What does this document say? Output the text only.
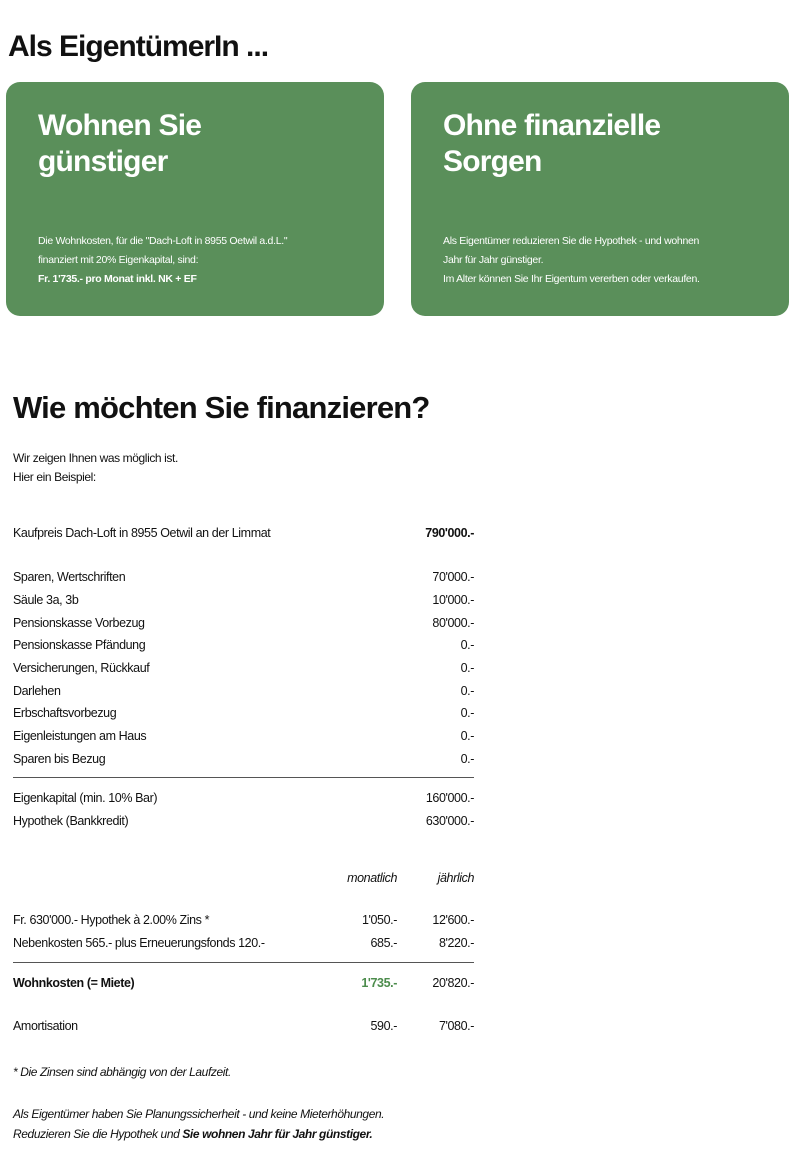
Als EigentümerIn ...
Wohnen Sie
günstiger
Die Wohnkosten, für die "Dach-Loft in 8955 Oetwil a.d.L."
finanziert mit 20% Eigenkapital, sind:
Fr. 1'735.- pro Monat inkl. NK + EF
Ohne finanzielle
Sorgen
Als Eigentümer reduzieren Sie die Hypothek - und wohnen
Jahr für Jahr günstiger.
Im Alter können Sie Ihr Eigentum vererben oder verkaufen.
Wie möchten Sie finanzieren?
Wir zeigen Ihnen was möglich ist.
Hier ein Beispiel:
Kaufpreis Dach-Loft in 8955 Oetwil an der Limmat	790'000.-
Sparen, Wertschriften	70'000.-
Säule 3a, 3b	10'000.-
Pensionskasse Vorbezug	80'000.-
Pensionskasse Pfändung	0.-
Versicherungen, Rückkauf	0.-
Darlehen	0.-
Erbschaftsvorbezug	0.-
Eigenleistungen am Haus	0.-
Sparen bis Bezug	0.-
Eigenkapital (min. 10% Bar)	160'000.-
Hypothek (Bankkredit)	630'000.-
monatlich	jährlich
Fr. 630'000.- Hypothek à 2.00% Zins *	1'050.-	12'600.-
Nebenkosten 565.- plus Erneuerungsfonds 120.-	685.-	8'220.-
Wohnkosten (= Miete)	1'735.-	20'820.-
Amortisation	590.-	7'080.-
* Die Zinsen sind abhängig von der Laufzeit.
Als Eigentümer haben Sie Planungssicherheit - und keine Mieterhöhungen.
Reduzieren Sie die Hypothek und Sie wohnen Jahr für Jahr günstiger.
